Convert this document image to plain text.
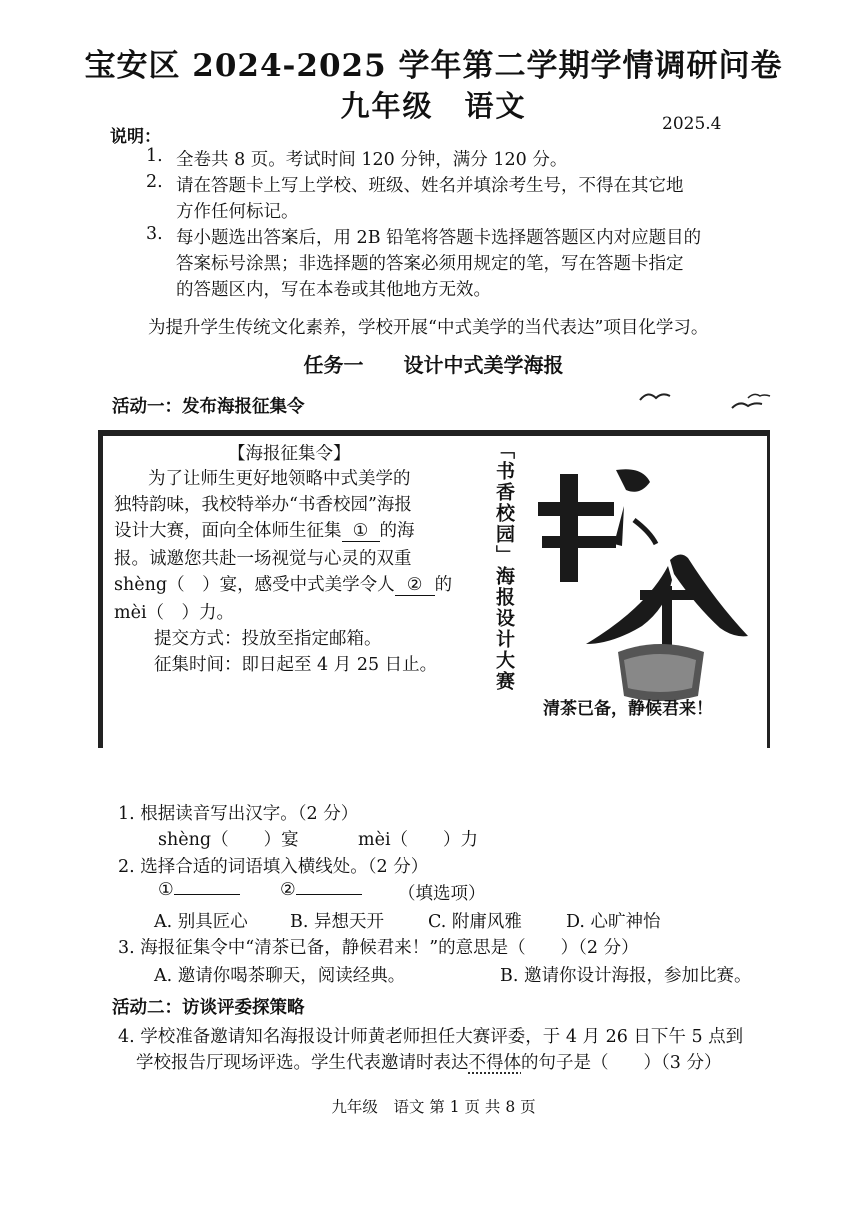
宝安区 2024-2025 学年第二学期学情调研问卷
九年级　语文
2025.4
说明：
1. 全卷共 8 页。考试时间 120 分钟，满分 120 分。
2. 请在答题卡上写上学校、班级、姓名并填涂考生号，不得在其它地
方作任何标记。
3. 每小题选出答案后，用 2B 铅笔将答题卡选择题答题区内对应题目的
答案标号涂黑；非选择题的答案必须用规定的笔，写在答题卡指定
的答题区内，写在本卷或其他地方无效。
为提升学生传统文化素养，学校开展“中式美学的当代表达”项目化学习。
任务一　　设计中式美学海报
活动一：发布海报征集令
【海报征集令】
为了让师生更好地领略中式美学的
独特韵味，我校特举办“书香校园”海报
设计大赛，面向全体师生征集 ① 的海
报。诚邀您共赴一场视觉与心灵的双重
shèng（　）宴，感受中式美学令人 ② 的
mèi（　）力。
提交方式：投放至指定邮箱。
征集时间：即日起至 4 月 25 日止。	「书香校园」海报设计大赛
清茶已备，静候君来！
1. 根据读音写出汉字。（2 分）
shèng（　　）宴	mèi（　　）力
2. 选择合适的词语填入横线处。（2 分）
①	②	（填选项）
A. 别具匠心 B. 异想天开	C. 附庸风雅	D. 心旷神怡
3. 海报征集令中“清茶已备，静候君来！”的意思是（　　）（2 分）
A. 邀请你喝茶聊天，阅读经典。	B. 邀请你设计海报，参加比赛。
活动二：访谈评委探策略
4. 学校准备邀请知名海报设计师黄老师担任大赛评委，于 4 月 26 日下午 5 点到
学校报告厅现场评选。学生代表邀请时表达不得体的句子是（　　）（3 分）
九年级　语文 第 1 页 共 8 页
